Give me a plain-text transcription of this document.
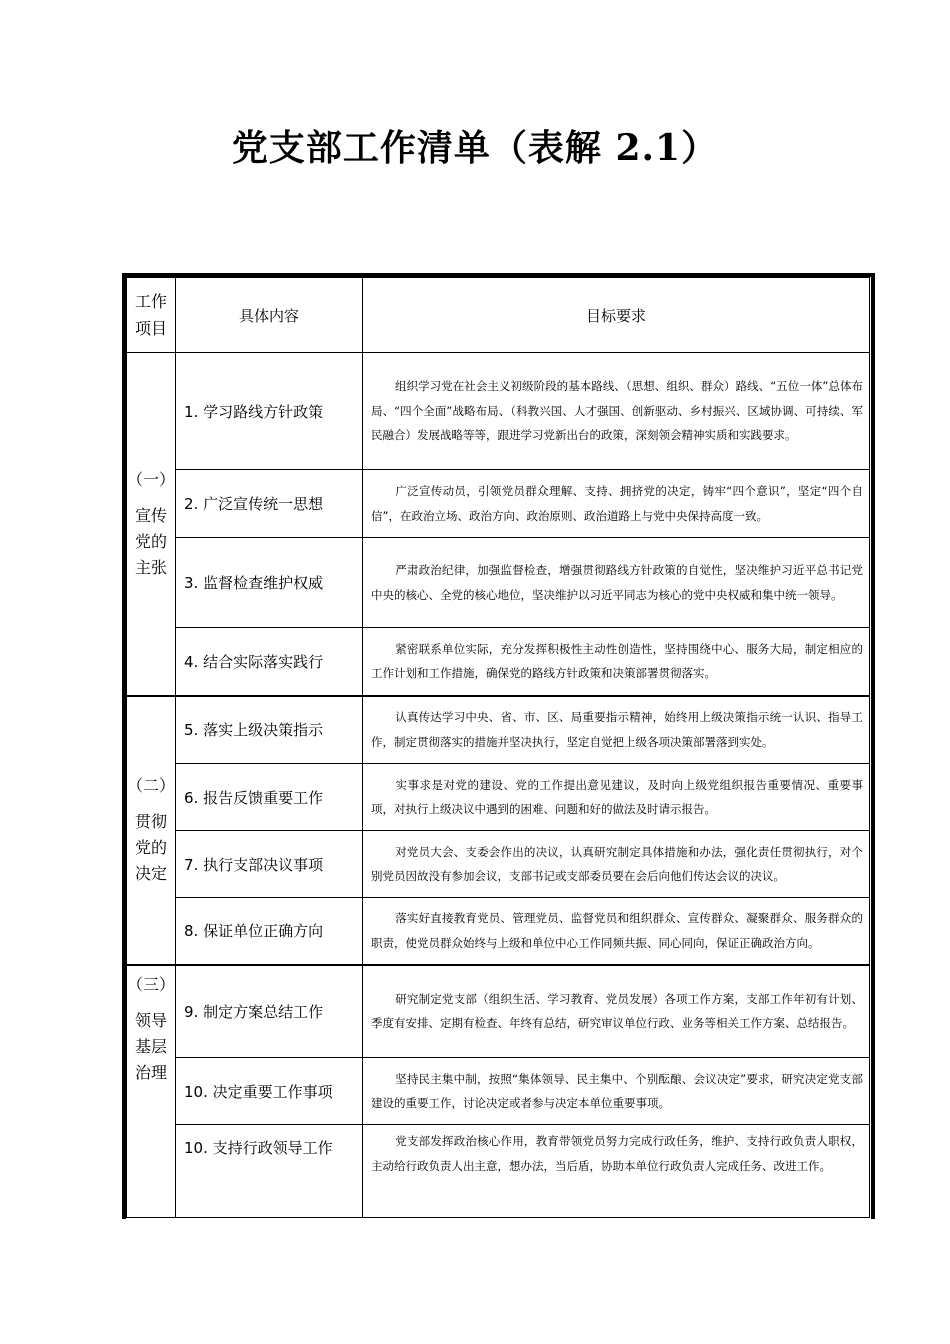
党支部工作清单（表解 2.1）
工作项目	具体内容	目标要求

（一）
宣传党的主张	1. 学习路线方针政策	组织学习党在社会主义初级阶段的基本路线、（思想、组织、群众）路线、“五位一体”总体布局、“四个全面”战略布局、（科教兴国、人才强国、创新驱动、乡村振兴、区域协调、可持续、军民融合）发展战略等等，跟进学习党新出台的政策，深刻领会精神实质和实践要求。
	2. 广泛宣传统一思想	广泛宣传动员，引领党员群众理解、支持、拥挤党的决定，铸牢“四个意识”，坚定“四个自信”，在政治立场、政治方向、政治原则、政治道路上与党中央保持高度一致。
	3. 监督检查维护权威	严肃政治纪律，加强监督检查，增强贯彻路线方针政策的自觉性，坚决维护习近平总书记党中央的核心、全党的核心地位，坚决维护以习近平同志为核心的党中央权威和集中统一领导。
	4. 结合实际落实践行	紧密联系单位实际，充分发挥积极性主动性创造性，坚持围绕中心、服务大局，制定相应的工作计划和工作措施，确保党的路线方针政策和决策部署贯彻落实。

（二）
贯彻党的决定	5. 落实上级决策指示	认真传达学习中央、省、市、区、局重要指示精神，始终用上级决策指示统一认识、指导工作，制定贯彻落实的措施并坚决执行，坚定自觉把上级各项决策部署落到实处。
	6. 报告反馈重要工作	实事求是对党的建设、党的工作提出意见建议，及时向上级党组织报告重要情况、重要事项，对执行上级决议中遇到的困难、问题和好的做法及时请示报告。
	7. 执行支部决议事项	对党员大会、支委会作出的决议，认真研究制定具体措施和办法，强化责任贯彻执行，对个别党员因故没有参加会议，支部书记或支部委员要在会后向他们传达会议的决议。
	8. 保证单位正确方向	落实好直接教育党员、管理党员、监督党员和组织群众、宣传群众、凝聚群众、服务群众的职责，使党员群众始终与上级和单位中心工作同频共振、同心同向，保证正确政治方向。

（三）
领导基层治理	9. 制定方案总结工作	研究制定党支部（组织生活、学习教育、党员发展）各项工作方案，支部工作年初有计划、季度有安排、定期有检查、年终有总结，研究审议单位行政、业务等相关工作方案、总结报告。
	10. 决定重要工作事项	坚持民主集中制，按照“集体领导、民主集中、个别酝酿、会议决定”要求，研究决定党支部建设的重要工作，讨论决定或者参与决定本单位重要事项。
	10. 支持行政领导工作	党支部发挥政治核心作用，教育带领党员努力完成行政任务，维护、支持行政负责人职权，主动给行政负责人出主意，想办法，当后盾，协助本单位行政负责人完成任务、改进工作。
